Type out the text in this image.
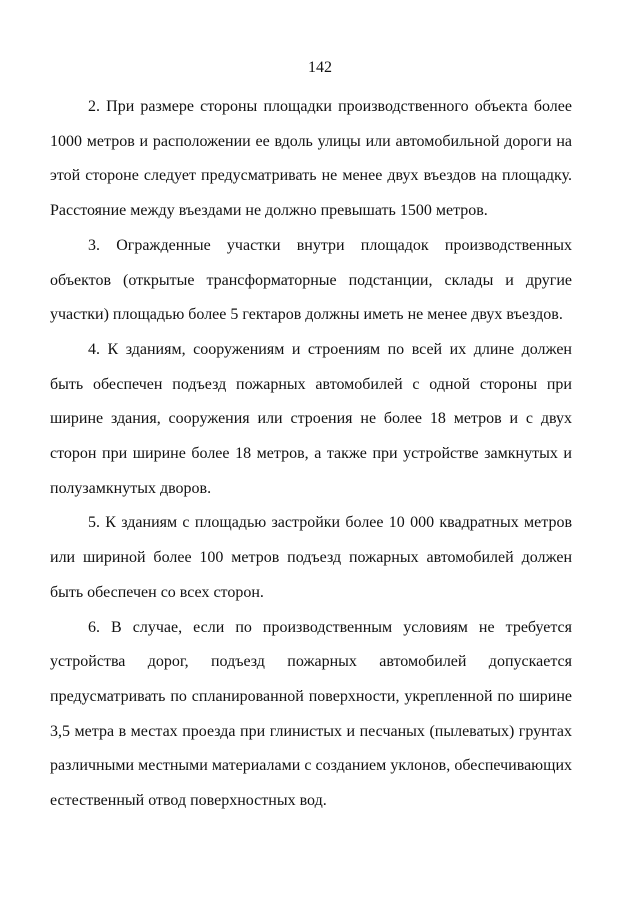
142

2. При размере стороны площадки производственного объекта более 1000 метров и расположении ее вдоль улицы или автомобильной дороги на этой стороне следует предусматривать не менее двух въездов на площадку. Расстояние между въездами не должно превышать 1500 метров.

3. Огражденные участки внутри площадок производственных объектов (открытые трансформаторные подстанции, склады и другие участки) площадью более 5 гектаров должны иметь не менее двух въездов.

4. К зданиям, сооружениям и строениям по всей их длине должен быть обеспечен подъезд пожарных автомобилей с одной стороны при ширине здания, сооружения или строения не более 18 метров и с двух сторон при ширине более 18 метров, а также при устройстве замкнутых и полузамкнутых дворов.

5. К зданиям с площадью застройки более 10 000 квадратных метров или шириной более 100 метров подъезд пожарных автомобилей должен быть обеспечен со всех сторон.

6. В случае, если по производственным условиям не требуется устройства дорог, подъезд пожарных автомобилей допускается предусматривать по спланированной поверхности, укрепленной по ширине 3,5 метра в местах проезда при глинистых и песчаных (пылеватых) грунтах различными местными материалами с созданием уклонов, обеспечивающих естественный отвод поверхностных вод.
